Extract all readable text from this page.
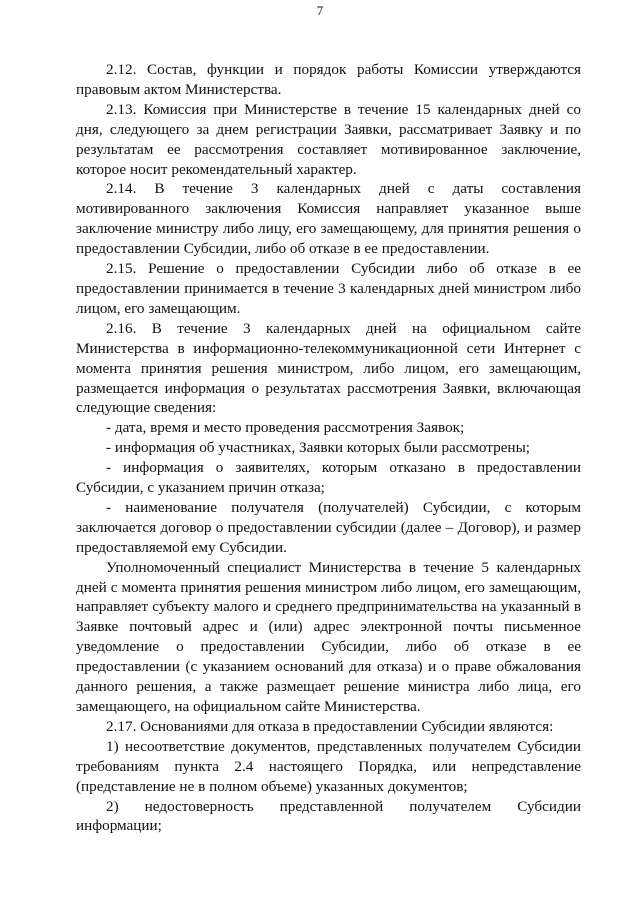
7

2.12. Состав, функции и порядок работы Комиссии утверждаются правовым актом Министерства.

2.13. Комиссия при Министерстве в течение 15 календарных дней со дня, следующего за днем регистрации Заявки, рассматривает Заявку и по результатам ее рассмотрения составляет мотивированное заключение, которое носит рекомендательный характер.

2.14. В течение 3 календарных дней с даты составления мотивированного заключения Комиссия направляет указанное выше заключение министру либо лицу, его замещающему, для принятия решения о предоставлении Субсидии, либо об отказе в ее предоставлении.

2.15. Решение о предоставлении Субсидии либо об отказе в ее предоставлении принимается в течение 3 календарных дней министром либо лицом, его замещающим.

2.16. В течение 3 календарных дней на официальном сайте Министерства в информационно-телекоммуникационной сети Интернет с момента принятия решения министром, либо лицом, его замещающим, размещается информация о результатах рассмотрения Заявки, включающая следующие сведения:

- дата, время и место проведения рассмотрения Заявок;

- информация об участниках, Заявки которых были рассмотрены;

- информация о заявителях, которым отказано в предоставлении Субсидии, с указанием причин отказа;

- наименование получателя (получателей) Субсидии, с которым заключается договор о предоставлении субсидии (далее – Договор), и размер предоставляемой ему Субсидии.

Уполномоченный специалист Министерства в течение 5 календарных дней с момента принятия решения министром либо лицом, его замещающим, направляет субъекту малого и среднего предпринимательства на указанный в Заявке почтовый адрес и (или) адрес электронной почты письменное уведомление о предоставлении Субсидии, либо об отказе в ее предоставлении (с указанием оснований для отказа) и о праве обжалования данного решения, а также размещает решение министра либо лица, его замещающего, на официальном сайте Министерства.

2.17. Основаниями для отказа в предоставлении Субсидии являются:

1) несоответствие документов, представленных получателем Субсидии требованиям пункта 2.4 настоящего Порядка, или непредставление (представление не в полном объеме) указанных документов;

2) недостоверность представленной получателем Субсидии информации;
